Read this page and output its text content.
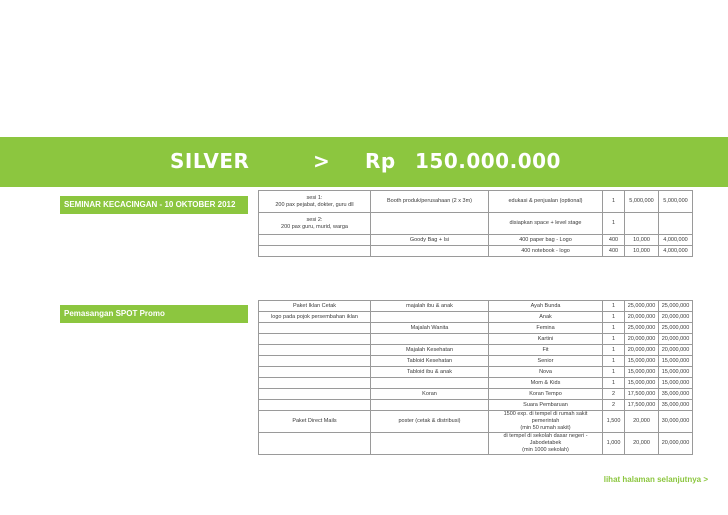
SILVER	> Rp 150.000.000
SEMINAR KECACINGAN - 10 OKTOBER 2012
sesi 1:
200 pax pejabat, dokter, guru dll	Booth produk/perusahaan (2 x 3m)	edukasi & penjualan (optional)	1	5,000,000	5,000,000
sesi 2:
200 pax guru, murid, warga		disiapkan space + level stage	1		
	Goody Bag + Isi	400 paper bag - Logo	400	10,000	4,000,000
		400 notebook - logo	400	10,000	4,000,000
Pemasangan SPOT Promo
Paket Iklan Cetak	majalah ibu & anak	Ayah Bunda	1	25,000,000	25,000,000
logo pada pojok persembahan iklan		Anak	1	20,000,000	20,000,000
	Majalah Wanita	Femina	1	25,000,000	25,000,000
		Kartini	1	20,000,000	20,000,000
	Majalah Kesehatan	Fit	1	20,000,000	20,000,000
	Tabloid Kesehatan	Senior	1	15,000,000	15,000,000
	Tabloid ibu & anak	Nova	1	15,000,000	15,000,000
		Mom & Kids	1	15,000,000	15,000,000
	Koran	Koran Tempo	2	17,500,000	35,000,000
		Suara Pembaruan	2	17,500,000	35,000,000
Paket Direct Mails	poster (cetak & distribusi)	1500 exp. di tempel di rumah sakit pemerintah
(min 50 rumah sakit)	1,500	20,000	30,000,000
		di tempel di sekolah dasar negeri - Jabodetabek
(min 1000 sekolah)	1,000	20,000	20,000,000
lihat halaman selanjutnya >
